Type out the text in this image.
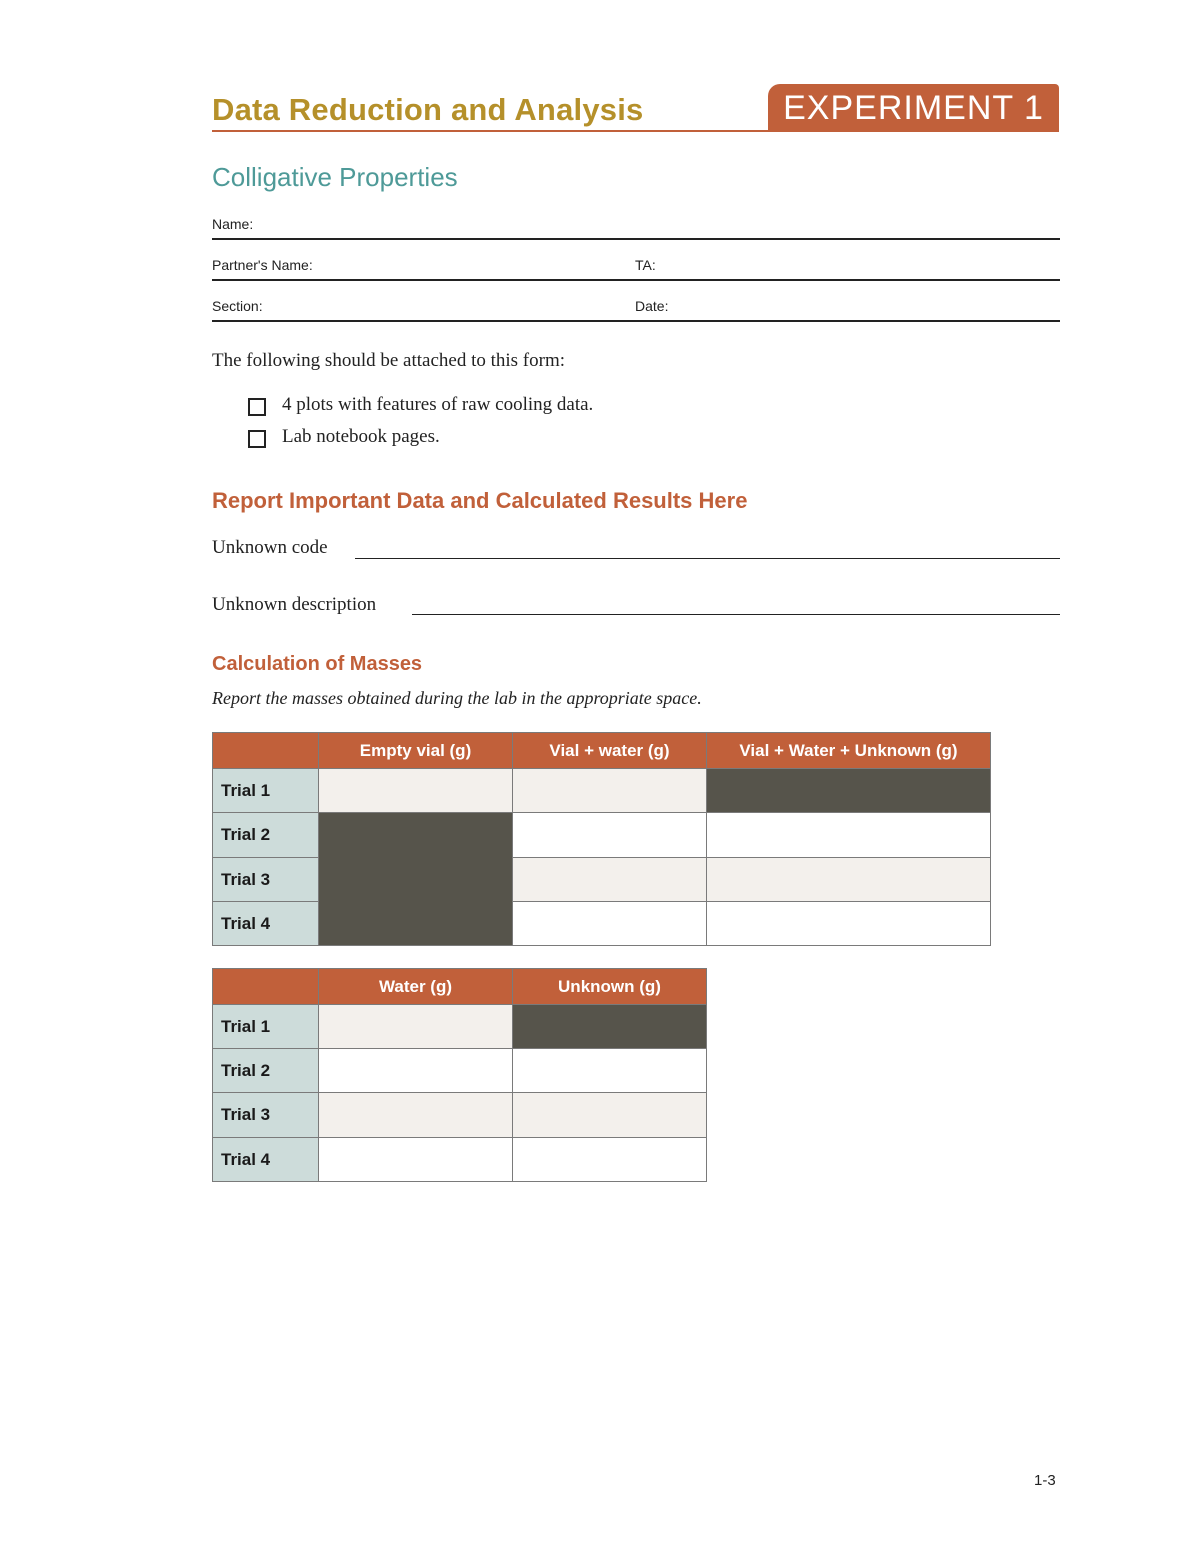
Data Reduction and Analysis	EXPERIMENT 1
Colligative Properties
Name:
Partner's Name:	TA:
Section:	Date:
The following should be attached to this form:
4 plots with features of raw cooling data.
Lab notebook pages.
Report Important Data and Calculated Results Here
Unknown code
Unknown description
Calculation of Masses
Report the masses obtained during the lab in the appropriate space.
	Empty vial (g)	Vial + water (g)	Vial + Water + Unknown (g)
Trial 1			
Trial 2			
Trial 3			
Trial 4			
	Water (g)	Unknown (g)
Trial 1		
Trial 2		
Trial 3		
Trial 4		
1-3
